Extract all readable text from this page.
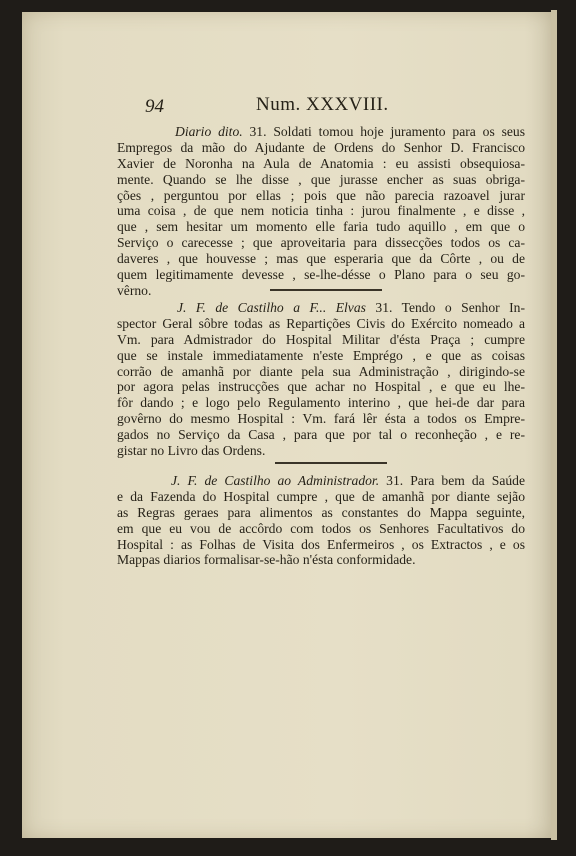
94	Num. XXXVIII.
Diario dito. 31. Soldati tomou hoje juramento para os seus
Empregos da mão do Ajudante de Ordens do Senhor D. Francisco
Xavier de Noronha na Aula de Anatomia : eu assisti obsequiosa-
mente. Quando se lhe disse , que jurasse encher as suas obriga-
ções , perguntou por ellas ; pois que não parecia razoavel jurar
uma coisa , de que nem noticia tinha : jurou finalmente , e disse ,
que , sem hesitar um momento elle faria tudo aquillo , em que o
Serviço o carecesse ; que aproveitaria para dissecções todos os ca-
daveres , que houvesse ; mas que esperaria que da Côrte , ou de
quem legitimamente devesse , se-lhe-désse o Plano para o seu go-
vêrno.
J. F. de Castilho a F... Elvas 31. Tendo o Senhor In-
spector Geral sôbre todas as Repartições Civis do Exército nomeado a
Vm. para Admistrador do Hospital Militar d'ésta Praça ; cumpre
que se instale immediatamente n'este Emprégo , e que as coisas
corrão de amanhã por diante pela sua Administração , dirigindo-se
por agora pelas instrucções que achar no Hospital , e que eu lhe-
fôr dando ; e logo pelo Regulamento interino , que hei-de dar para
govêrno do mesmo Hospital : Vm. fará lêr ésta a todos os Empre-
gados no Serviço da Casa , para que por tal o reconheção , e re-
gistar no Livro das Ordens.
J. F. de Castilho ao Administrador. 31. Para bem da Saúde
e da Fazenda do Hospital cumpre , que de amanhã por diante sejão
as Regras geraes para alimentos as constantes do Mappa seguinte,
em que eu vou de accôrdo com todos os Senhores Facultativos do
Hospital : as Folhas de Visita dos Enfermeiros , os Extractos , e os
Mappas diarios formalisar-se-hão n'ésta conformidade.
